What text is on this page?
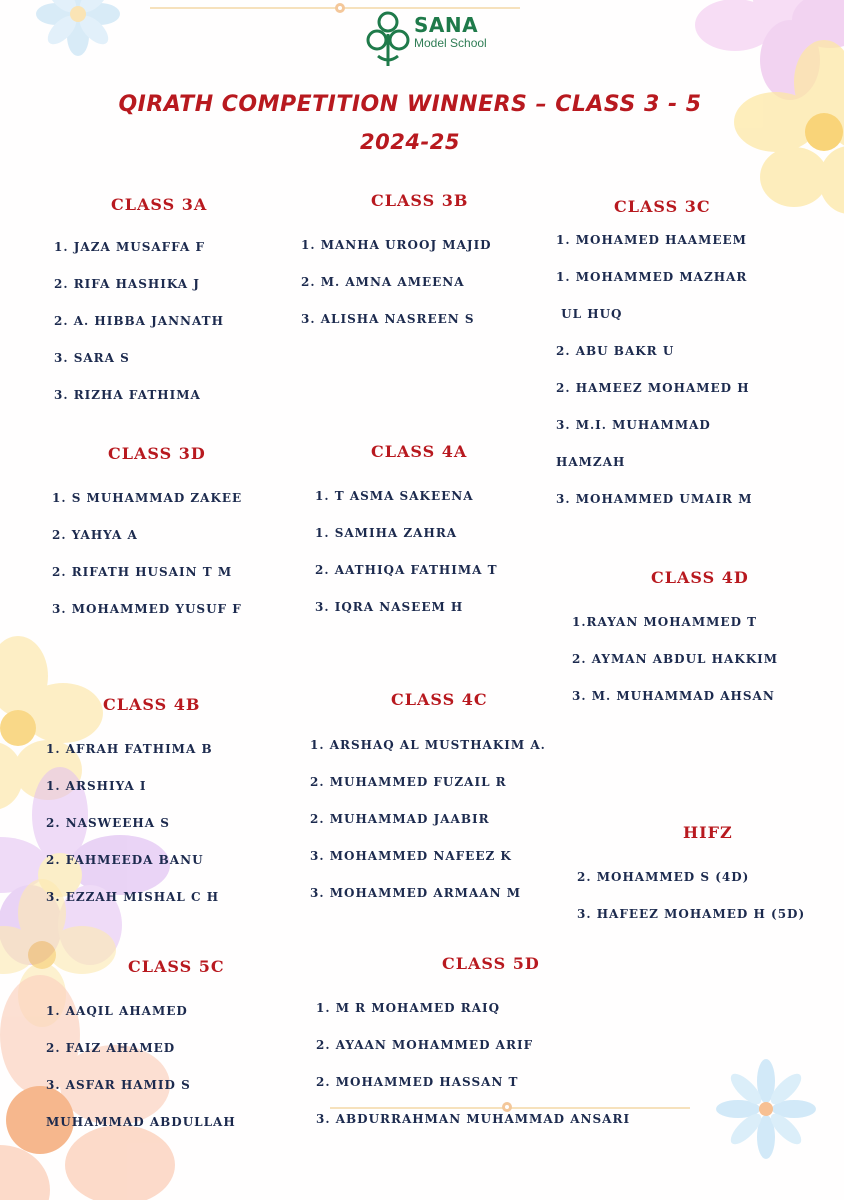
SANA
Model School
QIRATH COMPETITION WINNERS – CLASS 3 - 5
2024-25
CLASS 3A
1. JAZA MUSAFFA F
2. RIFA HASHIKA J
2. A. HIBBA JANNATH
3. SARA S
3. RIZHA FATHIMA
CLASS 3B
1. MANHA UROOJ MAJID
2. M. AMNA AMEENA
3. ALISHA NASREEN S
CLASS 3C
1. MOHAMED HAAMEEM
1. MOHAMMED MAZHAR
UL HUQ
2. ABU BAKR U
2. HAMEEZ MOHAMED H
3. M.I. MUHAMMAD
HAMZAH
3. MOHAMMED UMAIR M
CLASS 3D
1. S MUHAMMAD ZAKEE
2. YAHYA A
2. RIFATH HUSAIN T M
3. MOHAMMED YUSUF F
CLASS 4A
1. T ASMA SAKEENA
1. SAMIHA ZAHRA
2. AATHIQA FATHIMA T
3. IQRA NASEEM H
CLASS 4D
1.RAYAN MOHAMMED T
2. AYMAN ABDUL HAKKIM
3. M. MUHAMMAD AHSAN
CLASS 4B
1. AFRAH FATHIMA B
1. ARSHIYA I
2. NASWEEHA S
2. FAHMEEDA BANU
3. EZZAH MISHAL C H
CLASS 4C
1. ARSHAQ AL MUSTHAKIM A.
2. MUHAMMED FUZAIL R
2. MUHAMMAD JAABIR
3. MOHAMMED NAFEEZ K
3. MOHAMMED ARMAAN M
HIFZ
2. MOHAMMED S (4D)
3. HAFEEZ MOHAMED H (5D)
CLASS 5C
1. AAQIL AHAMED
2. FAIZ AHAMED
3. ASFAR HAMID S
MUHAMMAD ABDULLAH
CLASS 5D
1. M R MOHAMED RAIQ
2. AYAAN MOHAMMED ARIF
2. MOHAMMED HASSAN T
3. ABDURRAHMAN MUHAMMAD ANSARI
